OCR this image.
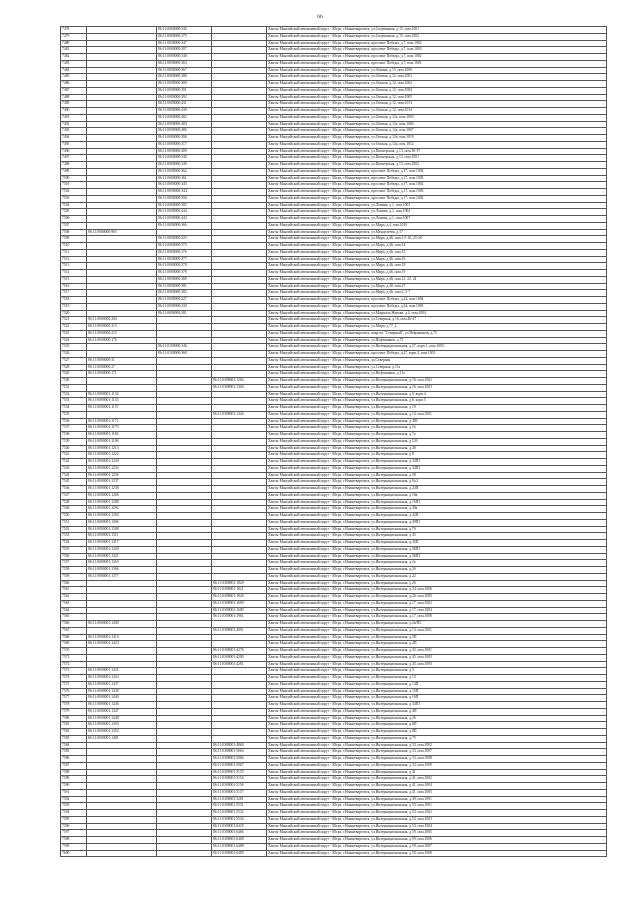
66
7478		86:11:0000000:346		Ханты-Мансийский автономный округ - Югра, г.Нижневартовск, ул.Спортивная, д.15, пом.1001
7479		86:11:0000000:375		Ханты-Мансийский автономный округ - Югра, г.Нижневартовск, ул.Спортивная, д.15, пом.1002
7480		86:11:0000000:347		Ханты-Мансийский автономный округ - Югра, г.Нижневартовск, проспект Победы, д.7, пом.1002
7481		86:11:0000000:307		Ханты-Мансийский автономный округ - Югра, г.Нижневартовск, проспект Победы, д.7, пом.1003
7482		86:11:0000000:348		Ханты-Мансийский автономный округ - Югра, г.Нижневартовск, проспект Победы, д.7, пом.1002
7483		86:11:0000000:363		Ханты-Мансийский автономный округ - Югра, г.Нижневартовск, проспект Победы, д.7, пом.1001
7484		86:11:0000000:367		Ханты-Мансийский автономный округ - Югра, г.Нижневартовск, ул.Ленина, д.15, пом.1006
7485		86:11:0000000:388		Ханты-Мансийский автономный округ - Югра, г.Нижневартовск, ул.Омская, д.12, пом.1001
7486		86:11:0000000:389		Ханты-Мансийский автономный округ - Югра, г.Нижневартовск, ул.Омская, д.12, пом.1002
7487		86:11:0000000:391		Ханты-Мансийский автономный округ - Югра, г.Нижневартовск, ул.Омская, д.12, пом.1004
7488		86:11:0000000:392		Ханты-Мансийский автономный округ - Югра, г.Нижневартовск, ул.Омская, д.12, пом.1005
7489		86:11:0000000:431		Ханты-Мансийский автономный округ - Югра, г.Нижневартовск, ул.Омская, д.12, пом.1013
7490		86:11:0000000:430		Ханты-Мансийский автономный округ - Югра, г.Нижневартовск, ул.Омская, д.12, пом.1014
7491		86:11:0000000:482		Ханты-Мансийский автономный округ - Югра, г.Нижневартовск, ул.Омская, д.12а, пом.1003
7492		86:11:0000000:483		Ханты-Мансийский автономный округ - Югра, г.Нижневартовск, ул.Омская, д.12а, пом.1004
7493		86:11:0000000:486		Ханты-Мансийский автономный округ - Югра, г.Нижневартовск, ул.Омская, д.12а, пом.1007
7494		86:11:0000000:396		Ханты-Мансийский автономный округ - Югра, г.Нижневартовск, ул.Омская, д.12а, пом.1010
7495		86:11:0000000:317		Ханты-Мансийский автономный округ - Югра, г.Нижневартовск, ул.Омская, д.12а, пом.1012
7496		86:11:0000000:409		Ханты-Мансийский автономный округ - Югра, г.Нижневартовск, ул.Пионерская, д.13, пом.36-37
7497		86:11:0000000:340		Ханты-Мансийский автономный округ - Югра, г.Нижневартовск, ул.Пионерская, д.13, пом.1001
7498		86:11:0000000:349		Ханты-Мансийский автономный округ - Югра, г.Нижневартовск, ул.Пионерская, д.13, пом.1002
7499		86:11:0000000:362		Ханты-Мансийский автономный округ - Югра, г.Нижневартовск, проспект Победы, д.17, пом.1002
7500		86:11:0000000:361		Ханты-Мансийский автономный округ - Югра, г.Нижневартовск, проспект Победы, д.17, пом.1003
7501		86:11:0000000:345		Ханты-Мансийский автономный округ - Югра, г.Нижневартовск, проспект Победы, д.17, пом.1002
7502		86:11:0000000:344		Ханты-Мансийский автономный округ - Югра, г.Нижневартовск, проспект Победы, д.17, пом.1003
7503		86:11:0000000:356		Ханты-Мансийский автономный округ - Югра, г.Нижневартовск, проспект Победы, д.17, пом.1002
7504		86:11:0000000:385		Ханты-Мансийский автономный округ - Югра, г.Нижневартовск, ул.Ленина, д.1, пом.1003
7505		86:11:0000000:444		Ханты-Мансийский автономный округ - Югра, г.Нижневартовск, ул.Ленина, д.1, пом.1004
7506		86:11:0000000:443		Ханты-Мансийский автономный округ - Югра, г.Нижневартовск, ул.Ленина, д.1, пом.1007
7507		86:11:0000000:366		Ханты-Мансийский автономный округ - Югра, г.Нижневартовск, ул.Мира, д.4, пом.1010
7508	86:11:0000000:965			Ханты-Мансийский автономный округ - Югра, г.Нижневартовск, ул.Менделеева, д.17
7509		86:11:0000000:325		Ханты-Мансийский автономный округ - Югра, г.Нижневартовск, ул.Мира, д.46, пом.1,5-16, 25-28
7510		86:11:0000000:375		Ханты-Мансийский автономный округ - Югра, г.Нижневартовск, ул.Мира, д.46, пом.14
7511		86:11:0000000:376		Ханты-Мансийский автономный округ - Югра, г.Нижневартовск, ул.Мира, д.46, пом.15
7512		86:11:0000000:377		Ханты-Мансийский автономный округ - Югра, г.Нижневартовск, ул.Мира, д.46, пом.16
7513		86:11:0000000:378		Ханты-Мансийский автономный округ - Югра, г.Нижневартовск, ул.Мира, д.46, пом.18
7514		86:11:0000000:379		Ханты-Мансийский автономный округ - Югра, г.Нижневартовск, ул.Мира, д.46, пом.19
7515		86:11:0000000:380		Ханты-Мансийский автономный округ - Югра, г.Нижневартовск, ул.Мира, д.46, пом.21, 22, 24
7516		86:11:0000000:381		Ханты-Мансийский автономный округ - Югра, г.Нижневартовск, ул.Мира, д.48, пом.27
7517		86:11:0000000:382		Ханты-Мансийский автономный округ - Югра, г.Нижневартовск, ул.Мира, д.46, пом.2, 5-7
7518		86:11:0000000:227		Ханты-Мансийский автономный округ - Югра, г.Нижневартовск, проспект Победы, д.24, пом.1004
7519		86:11:0000000:230		Ханты-Мансийский автономный округ - Югра, г.Нижневартовск, проспект Победы, д.24, пом.1003
7520		86:11:0000000:281		Ханты-Мансийский автономный округ - Югра, г.Нижневартовск, ул.Маршала Жукова, д.4, пом.1004
7521	86:11:0000000:204			Ханты-Мансийский автономный округ - Югра, г.Нижневартовск, ул.Северная, д.16, пом.46-47
7522	86:11:0000000:213			Ханты-Мансийский автономный округ - Югра, г.Нижневартовск, ул.Мира, д.77, 2
7523	86:11:0000000:215			Ханты-Мансийский автономный округ - Югра, г.Нижневартовск, квартал "Северный", ул.Нефтяников, д.75
7524	86:11:0000000:176			Ханты-Мансийский автономный округ - Югра, г.Нижневартовск, ул.Нефтяников, д.75
7525		86:11:0100000:340		Ханты-Мансийский автономный округ - Югра, г.Нижневартовск, ул.Интернациональная, д.27, корп.1, пом.1003
7526		86:11:0100000:368		Ханты-Мансийский автономный округ - Югра, г.Нижневартовск, проспект Победы, д.27, корп.2, пом.1001
7527	86:11:0000000:31			Ханты-Мансийский автономный округ - Югра, г.Нижневартовск, зд.Северная
7528	86:11:0000000:27			Ханты-Мансийский автономный округ - Югра, г.Нижневартовск, ул.Северная, д.11а
7529	86:11:0000000:171			Ханты-Мансийский автономный округ - Югра, г.Нижневартовск, ул.Нефтяников, д.11а
7530			86:11:0308001:1264	Ханты-Мансийский автономный округ - Югра, г.Нижневартовск, ул.Интернациональная, д.16, пом.1002
7531			86:11:0308001:1304	Ханты-Мансийский автономный округ - Югра, г.Нижневартовск, ул.Интернациональная, д.16, пом.1003
7532	86:11:0000001:1134			Ханты-Мансийский автономный округ - Югра, г.Нижневартовск, ул.Интернациональная, д.6, корп.4
7533	86:11:0000001:1135			Ханты-Мансийский автономный округ - Югра, г.Нижневартовск, ул.Интернациональная, д.6, корп.5
7534	86:11:0000001:1137			Ханты-Мансийский автономный округ - Югра, г.Нижневартовск, ул.Интернациональная, д.10
7535			86:11:0308001:1444	Ханты-Мансийский автономный округ - Югра, г.Нижневартовск, ул.Интернациональная, д.14, пом.1001
7536	86:11:0000001:1171			Ханты-Мансийский автономный округ - Югра, г.Нижневартовск, ул.Интернациональная, д.49б
7537	86:11:0000001:1179			Ханты-Мансийский автономный округ - Югра, г.Нижневартовск, ул.Интернациональная, д.5а
7538	86:11:0000001:1184			Ханты-Мансийский автономный округ - Югра, г.Нижневартовск, ул.Интернациональная, д.7а
7539	86:11:0000001:1196			Ханты-Мансийский автономный округ - Югра, г.Нижневартовск, ул.Интернациональная, д.12б
7540	86:11:0000001:1213			Ханты-Мансийский автономный округ - Югра, г.Нижневартовск, ул.Интернациональная, д.40
7541	86:11:0000001:1222			Ханты-Мансийский автономный округ - Югра, г.Нижневартовск, ул.Интернациональная, д.8
7542	86:11:0000001:1230			Ханты-Мансийский автономный округ - Югра, г.Нижневартовск, ул.Интернациональная, д.34П1
7543	86:11:0000001:1234			Ханты-Мансийский автономный округ - Югра, г.Нижневартовск, ул.Интернациональная, д.34П2
7544	86:11:0000001:1236			Ханты-Мансийский автономный округ - Югра, г.Нижневартовск, ул.Интернациональная, д.38
7545	86:11:0000001:1237			Ханты-Мансийский автономный округ - Югра, г.Нижневартовск, ул.Интернациональная, д.9а,2
7546	86:11:0000001:1238			Ханты-Мансийский автономный округ - Югра, г.Нижневартовск, ул.Интернациональная, д.24П
7547	86:11:0000001:1266			Ханты-Мансийский автономный округ - Югра, г.Нижневартовск, ул.Интернациональная, д.16в
7548	86:11:0000001:1288			Ханты-Мансийский автономный округ - Югра, г.Нижневартовск, ул.Интернациональная, д.16П1
7549	86:11:0000001:1292			Ханты-Мансийский автономный округ - Югра, г.Нижневартовск, ул.Интернациональная, д.49а
7550	86:11:0000001:1302			Ханты-Мансийский автономный округ - Югра, г.Нижневартовск, ул.Интернациональная, д.42П
7551	86:11:0000001:1306			Ханты-Мансийский автономный округ - Югра, г.Нижневартовск, ул.Интернациональная, д.49П1
7552	86:11:0000001:1308			Ханты-Мансийский автономный округ - Югра, г.Нижневартовск, ул.Интернациональная, д.7б
7553	86:11:0000001:1311			Ханты-Мансийский автономный округ - Югра, г.Нижневартовск, ул.Интернациональная, д.45
7554	86:11:0000001:1317			Ханты-Мансийский автономный округ - Югра, г.Нижневартовск, ул.Интернациональная, д.45П
7555	86:11:0000001:1320			Ханты-Мансийский автономный округ - Югра, г.Нижневартовск, ул.Интернациональная, д.36П1
7556	86:11:0000001:1321			Ханты-Мансийский автономный округ - Югра, г.Нижневартовск, ул.Интернациональная, д.36П2
7557	86:11:0000001:1363			Ханты-Мансийский автономный округ - Югра, г.Нижневартовск, ул.Интернациональная, д.2а
7558	86:11:0000001:1366			Ханты-Мансийский автономный округ - Югра, г.Нижневартовск, ул.Интернациональная, д.2б
7559	86:11:0000001:1377			Ханты-Мансийский автономный округ - Югра, г.Нижневартовск, ул.Интернациональная, д.22
7560			86:11:0308001:1820	Ханты-Мансийский автономный округ - Югра, г.Нижневартовск, ул.Интернациональная, д.26
7561			86:11:0308001:1821	Ханты-Мансийский автономный округ - Югра, г.Нижневартовск, ул.Интернациональная, д.24, пом.1006
7562			86:11:0308001:1826	Ханты-Мансийский автономный округ - Югра, г.Нижневартовск, ул.Интернациональная, д.26, пом.1005
7563			86:11:0308001:1609	Ханты-Мансийский автономный округ - Югра, г.Нижневартовск, ул.Интернациональная, д.17, пом.1002
7564			86:11:0308001:1680	Ханты-Мансийский автономный округ - Югра, г.Нижневартовск, ул.Интернациональная, д.17, пом.1004
7565			86:11:0308001:1961	Ханты-Мансийский автономный округ - Югра, г.Нижневартовск, ул.Интернациональная, д.17, пом.1008
7566	86:11:0000001:1400			Ханты-Мансийский автономный округ - Югра, г.Нижневартовск, ул.Интернациональная, д.2в/П2
7567			86:11:0308001:4001	Ханты-Мансийский автономный округ - Югра, г.Нижневартовск, ул.Интернациональная, д.13, пом.1001
7568	86:11:0000001:1410			Ханты-Мансийский автономный округ - Югра, г.Нижневартовск, ул.Интернациональная, д.3П
7569	86:11:0000001:1423			Ханты-Мансийский автономный округ - Югра, г.Нижневартовск, ул.Интернациональная, д.4П
7570			86:11:0308001:4276	Ханты-Мансийский автономный округ - Югра, г.Нижневартовск, ул.Интернациональная, д.45, пом.1001
7571			86:11:0308001:4280	Ханты-Мансийский автономный округ - Югра, г.Нижневартовск, ул.Интернациональная, д.45, пом.1003
7572			86:11:0308001:4281	Ханты-Мансийский автономный округ - Югра, г.Нижневартовск, ул.Интернациональная, д.45, пом.1003
7573	86:11:0000001:1431			Ханты-Мансийский автономный округ - Югра, г.Нижневартовск, ул.Интернациональная, д.5
7574	86:11:0000001:1433			Ханты-Мансийский автономный округ - Югра, г.Нижневартовск, ул.Интернациональная, д.13
7575	86:11:0000001:1437			Ханты-Мансийский автономный округ - Югра, г.Нижневартовск, ул.Интернациональная, д.14П
7576	86:11:0000001:1438			Ханты-Мансийский автономный округ - Югра, г.Нижневартовск, ул.Интернациональная, д.15П
7577	86:11:0000001:1440			Ханты-Мансийский автономный округ - Югра, г.Нижневартовск, ул.Интернациональная, д.16П
7578	86:11:0000001:1446			Ханты-Мансийский автономный округ - Югра, г.Нижневартовск, ул.Интернациональная, д.34П1
7579	86:11:0000001:1447			Ханты-Мансийский автономный округ - Югра, г.Нижневартовск, ул.Интернациональная, д.4П
7580	86:11:0000001:1448			Ханты-Мансийский автономный округ - Югра, г.Нижневартовск, ул.Интернациональная, д.26
7581	86:11:0000001:1450			Ханты-Мансийский автономный округ - Югра, г.Нижневартовск, ул.Интернациональная, д.6П
7582	86:11:0000001:1452			Ханты-Мансийский автономный округ - Югра, г.Нижневартовск, ул.Интернациональная, д.8П
7583	86:11:0000001:1481			Ханты-Мансийский автономный округ - Югра, г.Нижневартовск, ул.Интернациональная, д.75
7584			86:11:0308001:4860	Ханты-Мансийский автономный округ - Югра, г.Нижневартовск, ул.Интернациональная, д.33, пом.1002
7585			86:11:0308001:5064	Ханты-Мансийский автономный округ - Югра, г.Нижневартовск, ул.Интернациональная, д.33, пом.1007
7586			86:11:0308001:5066	Ханты-Мансийский автономный округ - Югра, г.Нижневартовск, ул.Интернациональная, д.33, пом.1008
7587			86:11:0308001:5067	Ханты-Мансийский автономный округ - Югра, г.Нижневартовск, ул.Интернациональная, д.33, пом.1009
7588			86:11:0308001:5155	Ханты-Мансийский автономный округ - Югра, г.Нижневартовск, ул.Интернациональная, д.41
7589			86:11:0308001:5154	Ханты-Мансийский автономный округ - Югра, г.Нижневартовск, ул.Интернациональная, д.41, пом.1002
7590			86:11:0308001:5156	Ханты-Мансийский автономный округ - Югра, г.Нижневартовск, ул.Интернациональная, д.41, пом.1004
7591			86:11:0308001:5157	Ханты-Мансийский автономный округ - Югра, г.Нижневартовск, ул.Интернациональная, д.41, пом.1005
7592			86:11:0308001:5281	Ханты-Мансийский автономный округ - Югра, г.Нижневартовск, ул.Интернациональная, д.49, пом.1001
7593			86:11:0308001:5531	Ханты-Мансийский автономный округ - Югра, г.Нижневартовск, ул.Интернациональная, д.53, пом.1001
7594			86:11:0308001:5532	Ханты-Мансийский автономный округ - Югра, г.Нижневартовск, ул.Интернациональная, д.53, пом.1002
7595			86:11:0308001:5534	Ханты-Мансийский автономный округ - Югра, г.Нижневартовск, ул.Интернациональная, д.53, пом.1003
7596			86:11:0308001:6425	Ханты-Мансийский автономный округ - Югра, г.Нижневартовск, ул.Интернациональная, д.53, пом.1004
7597			86:11:0308001:6466	Ханты-Мансийский автономный округ - Югра, г.Нижневартовск, ул.Интернациональная, д.59, пом.1005
7598			86:11:0308001:6468	Ханты-Мансийский автономный округ - Югра, г.Нижневартовск, ул.Интернациональная, д.59, пом.1006
7599			86:11:0308001:6488	Ханты-Мансийский автономный округ - Югра, г.Нижневартовск, ул.Интернациональная, д.59, пом.1007
7600			86:11:0308001:6489	Ханты-Мансийский автономный округ - Югра, г.Нижневартовск, ул.Интернациональная, д.59, пом.1008
